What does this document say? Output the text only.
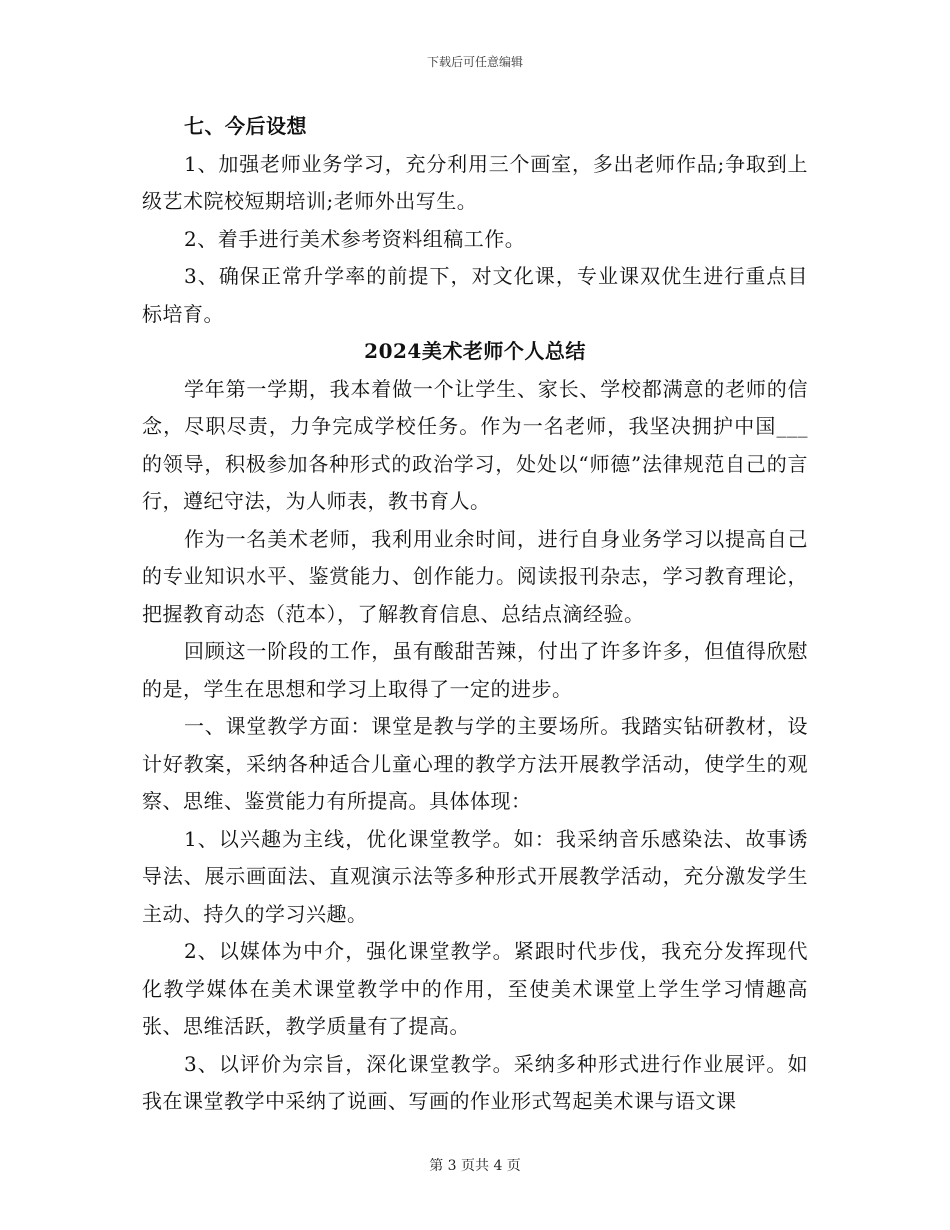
下载后可任意编辑

七、今后设想

1、加强老师业务学习，充分利用三个画室，多出老师作品;争取到上级艺术院校短期培训;老师外出写生。

2、着手进行美术参考资料组稿工作。

3、确保正常升学率的前提下，对文化课，专业课双优生进行重点目标培育。

2024美术老师个人总结

学年第一学期，我本着做一个让学生、家长、学校都满意的老师的信念，尽职尽责，力争完成学校任务。作为一名老师，我坚决拥护中国___的领导，积极参加各种形式的政治学习，处处以“师德”法律规范自己的言行，遵纪守法，为人师表，教书育人。

作为一名美术老师，我利用业余时间，进行自身业务学习以提高自己的专业知识水平、鉴赏能力、创作能力。阅读报刊杂志，学习教育理论，把握教育动态（范本），了解教育信息、总结点滴经验。

回顾这一阶段的工作，虽有酸甜苦辣，付出了许多许多，但值得欣慰的是，学生在思想和学习上取得了一定的进步。

一、课堂教学方面：课堂是教与学的主要场所。我踏实钻研教材，设计好教案，采纳各种适合儿童心理的教学方法开展教学活动，使学生的观察、思维、鉴赏能力有所提高。具体体现：

1、以兴趣为主线，优化课堂教学。如：我采纳音乐感染法、故事诱导法、展示画面法、直观演示法等多种形式开展教学活动，充分激发学生主动、持久的学习兴趣。

2、以媒体为中介，强化课堂教学。紧跟时代步伐，我充分发挥现代化教学媒体在美术课堂教学中的作用，至使美术课堂上学生学习情趣高张、思维活跃，教学质量有了提高。

3、以评价为宗旨，深化课堂教学。采纳多种形式进行作业展评。如我在课堂教学中采纳了说画、写画的作业形式驾起美术课与语文课

第 3 页共 4 页
